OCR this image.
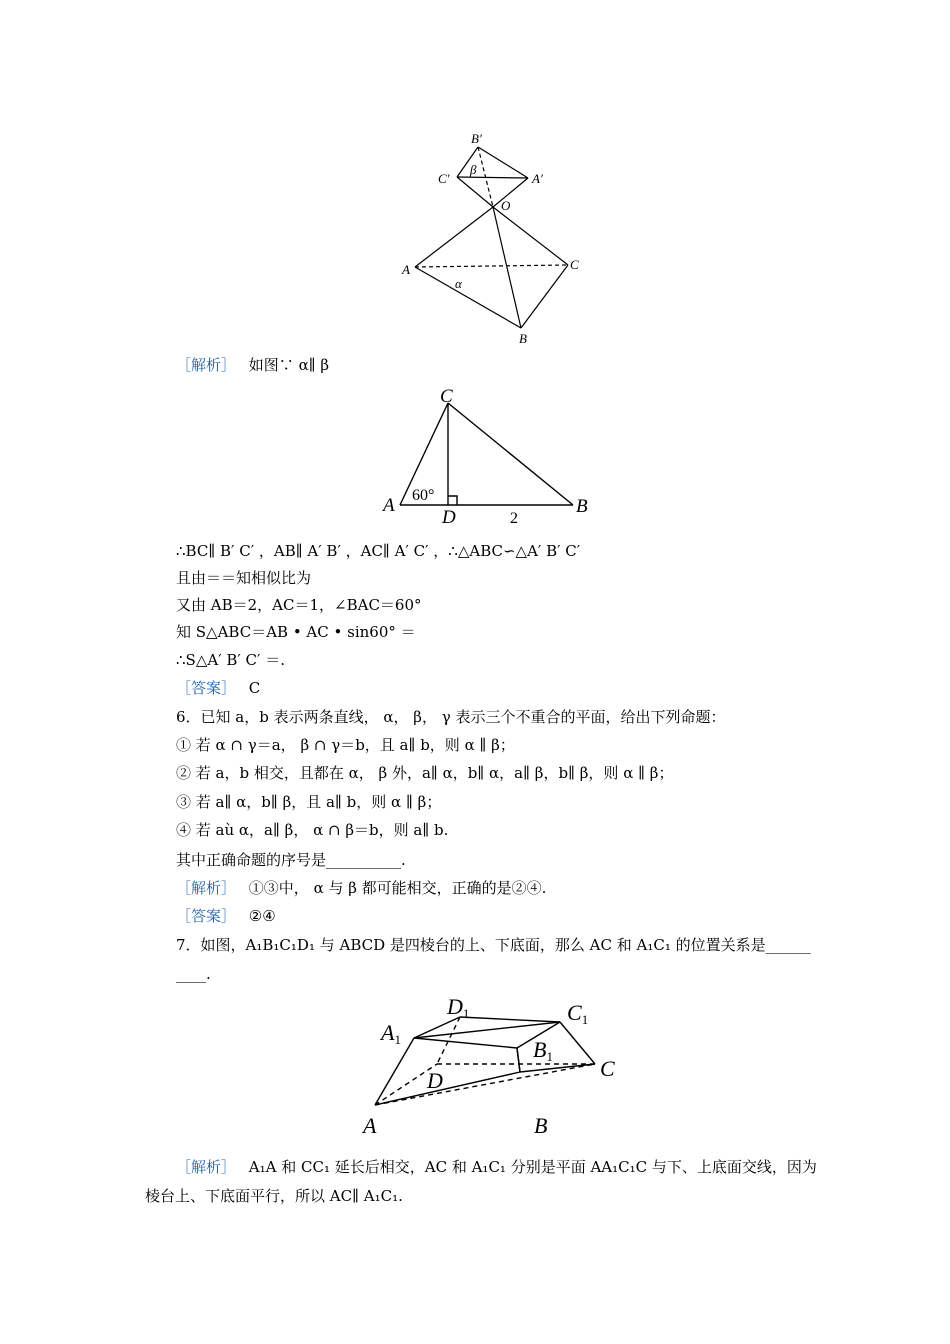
B′
C′	A′
β
O
A	C
α
B
［解析］ 如图∵ α∥ β
C
A 60°
D	2
B
∴BC∥ B′ C′ ，AB∥ A′ B′ ，AC∥ A′ C′ ，∴△ABC∽△A′ B′ C′
且由＝＝知相似比为
又由 AB＝2，AC＝1，∠BAC＝60°
知 S△ABC＝AB • AC • sin60° ＝
∴S△A′ B′ C′ ＝.
［答案］ C
6．已知 a，b 表示两条直线， α， β， γ 表示三个不重合的平面，给出下列命题：
① 若 α ∩ γ＝a， β ∩ γ＝b，且 a∥ b，则 α ∥ β；
② 若 a，b 相交，且都在 α， β 外，a∥ α，b∥ α，a∥ β，b∥ β，则 α ∥ β；
③ 若 a∥ α，b∥ β，且 a∥ b，则 α ∥ β；
④ 若 aù α，a∥ β， α ∩ β＝b，则 a∥ b.
其中正确命题的序号是__________.
［解析］ ①③中， α 与 β 都可能相交，正确的是②④.
［答案］ ②④
7．如图，A₁B₁C₁D₁ 与 ABCD 是四棱台的上、下底面，那么 AC 和 A₁C₁ 的位置关系是______
____.
D1	C1
A1	B1 C
D
A	B
［解析］ A₁A 和 CC₁ 延长后相交，AC 和 A₁C₁ 分别是平面 AA₁C₁C 与下、上底面交线，因为
棱台上、下底面平行，所以 AC∥ A₁C₁.
